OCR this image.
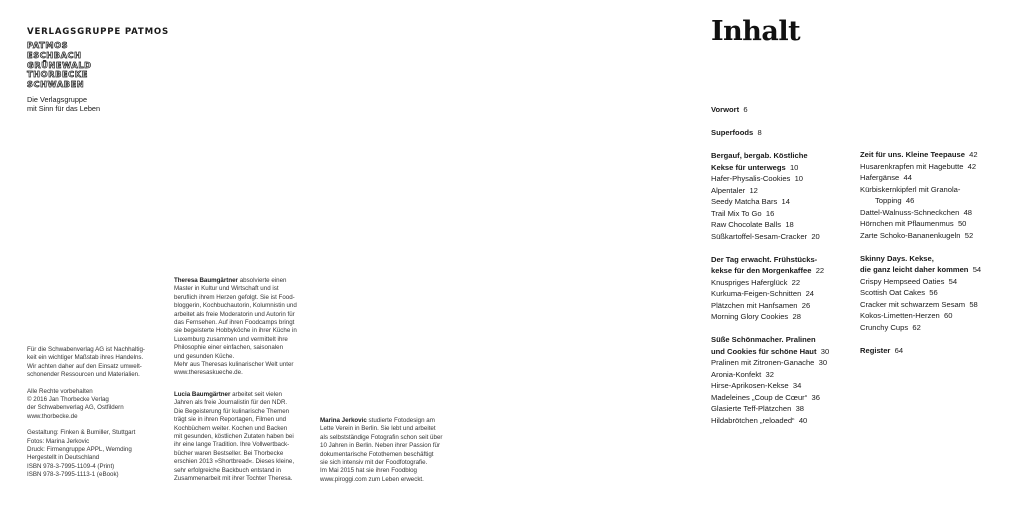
VERLAGSGRUPPE PATMOS
PATMOS
ESCHBACH
GRÜNEWALD
THORBECKE
SCHWABEN
Die Verlagsgruppe
mit Sinn für das Leben
Für die Schwabenverlag AG ist Nachhaltig-
keit ein wichtiger Maßstab ihres Handelns.
Wir achten daher auf den Einsatz umwelt-
schonender Ressourcen und Materialien.
Alle Rechte vorbehalten
© 2016 Jan Thorbecke Verlag
der Schwabenverlag AG, Ostfildern
www.thorbecke.de
Gestaltung: Finken & Bumiller, Stuttgart
Fotos: Marina Jerkovic
Druck: Firmengruppe APPL, Wemding
Hergestellt in Deutschland
ISBN 978-3-7995-1109-4 (Print)
ISBN 978-3-7995-1113-1 (eBook)
Theresa Baumgärtner absolvierte einen
Master in Kultur und Wirtschaft und ist
beruflich ihrem Herzen gefolgt. Sie ist Food-
bloggerin, Kochbuchautorin, Kolumnistin und
arbeitet als freie Moderatorin und Autorin für
das Fernsehen. Auf ihren Foodcamps bringt
sie begeisterte Hobbyköche in ihrer Küche in
Luxemburg zusammen und vermittelt ihre
Philosophie einer einfachen, saisonalen
und gesunden Küche.
Mehr aus Theresas kulinarischer Welt unter
www.theresaskueche.de.
Lucia Baumgärtner arbeitet seit vielen
Jahren als freie Journalistin für den NDR.
Die Begeisterung für kulinarische Themen
trägt sie in ihren Reportagen, Filmen und
Kochbüchern weiter. Kochen und Backen
mit gesunden, köstlichen Zutaten haben bei
ihr eine lange Tradition. Ihre Vollwertback-
bücher waren Bestseller. Bei Thorbecke
erschien 2013 »Shortbread«. Dieses kleine,
sehr erfolgreiche Backbuch entstand in
Zusammenarbeit mit ihrer Tochter Theresa.
Marina Jerkovic studierte Fotodesign am
Lette Verein in Berlin. Sie lebt und arbeitet
als selbstständige Fotografin schon seit über
10 Jahren in Berlin. Neben ihrer Passion für
dokumentarische Fotothemen beschäftigt
sie sich intensiv mit der Foodfotografie.
Im Mai 2015 hat sie ihren Foodblog
www.piroggi.com zum Leben erweckt.
Inhalt
Vorwort 6
Superfoods 8
Bergauf, bergab. Köstliche
Kekse für unterwegs 10
Hafer-Physalis-Cookies 10
Alpentaler 12
Seedy Matcha Bars 14
Trail Mix To Go 16
Raw Chocolate Balls 18
Süßkartoffel-Sesam-Cracker 20
Der Tag erwacht. Frühstücks-
kekse für den Morgenkaffee 22
Knuspriges Haferglück 22
Kurkuma-Feigen-Schnitten 24
Plätzchen mit Hanfsamen 26
Morning Glory Cookies 28
Süße Schönmacher. Pralinen
und Cookies für schöne Haut 30
Pralinen mit Zitronen-Ganache 30
Aronia-Konfekt 32
Hirse-Aprikosen-Kekse 34
Madeleines „Coup de Cœur“ 36
Glasierte Teff-Plätzchen 38
Hildabrötchen „reloaded“ 40
Zeit für uns. Kleine Teepause 42
Husarenkrapfen mit Hagebutte 42
Hafergänse 44
Kürbiskernkipferl mit Granola-
Topping 46
Dattel-Walnuss-Schneckchen 48
Hörnchen mit Pflaumenmus 50
Zarte Schoko-Bananenkugeln 52
Skinny Days. Kekse,
die ganz leicht daher kommen 54
Crispy Hempseed Oaties 54
Scottish Oat Cakes 56
Cracker mit schwarzem Sesam 58
Kokos-Limetten-Herzen 60
Crunchy Cups 62
Register 64
